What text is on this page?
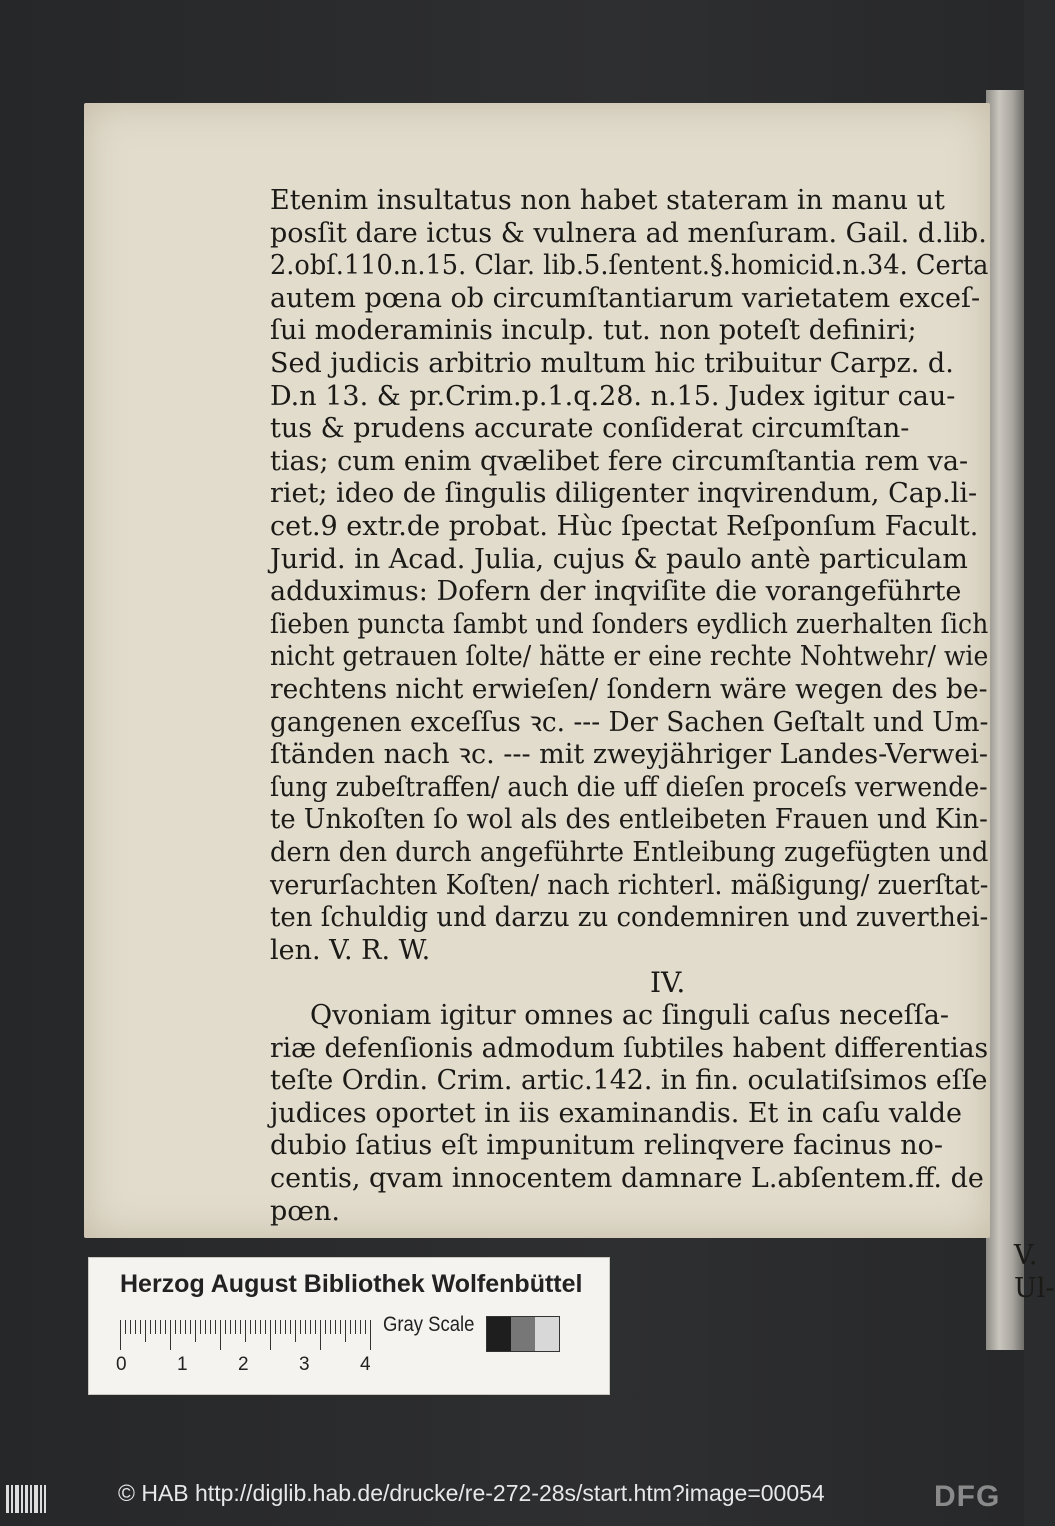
Etenim insultatus non habet stateram in manu ut
posſit dare ictus & vulnera ad menſuram. Gail. d.lib.
2.obſ.110.n.15. Clar. lib.5.ſentent.§.homicid.n.34. Certa
autem pœna ob circumſtantiarum varietatem exceſ-
ſui moderaminis inculp. tut. non poteſt definiri;
Sed judicis arbitrio multum hic tribuitur Carpz. d.
D.n 13. & pr.Crim.p.1.q.28. n.15. Judex igitur cau-
tus & prudens accurate conſiderat circumſtan-
tias; cum enim qvælibet fere circumſtantia rem va-
riet; ideo de ſingulis diligenter inqvirendum, Cap.li-
cet.9 extr.de probat. Hùc ſpectat Reſponſum Facult.
Jurid. in Acad. Julia, cujus & paulo antè particulam
adduximus: Dofern der inqviſite die vorangeführte
ſieben puncta ſambt und ſonders eydlich zuerhalten ſich
nicht getrauen ſolte/ hätte er eine rechte Nohtwehr/ wie
rechtens nicht erwieſen/ ſondern wäre wegen des be-
gangenen exceſſus ꝛc. --- Der Sachen Geſtalt und Um-
ſtänden nach ꝛc. --- mit zweyjähriger Landes-Verwei-
ſung zubeſtraffen/ auch die uff dieſen proceſs verwende-
te Unkoſten ſo wol als des entleibeten Frauen und Kin-
dern den durch angeführte Entleibung zugefügten und
verurſachten Koſten/ nach richterl. mäßigung/ zuerſtat-
ten ſchuldig und darzu zu condemniren und zuverthei-
len. V. R. W.
IV.
Qvoniam igitur omnes ac ſinguli caſus neceſſa-
riæ defenſionis admodum ſubtiles habent differentias
teſte Ordin. Crim. artic.142. in fin. oculatiſsimos eſſe
judices oportet in iis examinandis. Et in caſu valde
dubio ſatius eſt impunitum relinqvere facinus no-
centis, qvam innocentem damnare L.abſentem.ff. de
pœn.
V. Ul-
Herzog August Bibliothek Wolfenbüttel
0	1	2	3	4
Gray Scale
© HAB http://diglib.hab.de/drucke/re-272-28s/start.htm?image=00054	DFG
